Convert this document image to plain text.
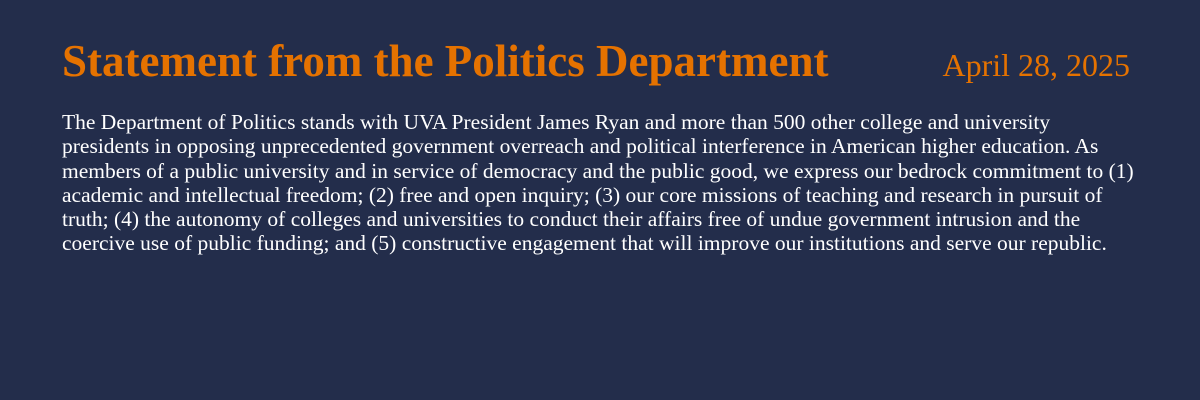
Statement from the Politics Department	April 28, 2025

The Department of Politics stands with UVA President James Ryan and more than 500 other college and university presidents in opposing unprecedented government overreach and political interference in American higher education. As members of a public university and in service of democracy and the public good, we express our bedrock commitment to (1) academic and intellectual freedom; (2) free and open inquiry; (3) our core missions of teaching and research in pursuit of truth; (4) the autonomy of colleges and universities to conduct their affairs free of undue government intrusion and the coercive use of public funding; and (5) constructive engagement that will improve our institutions and serve our republic.
